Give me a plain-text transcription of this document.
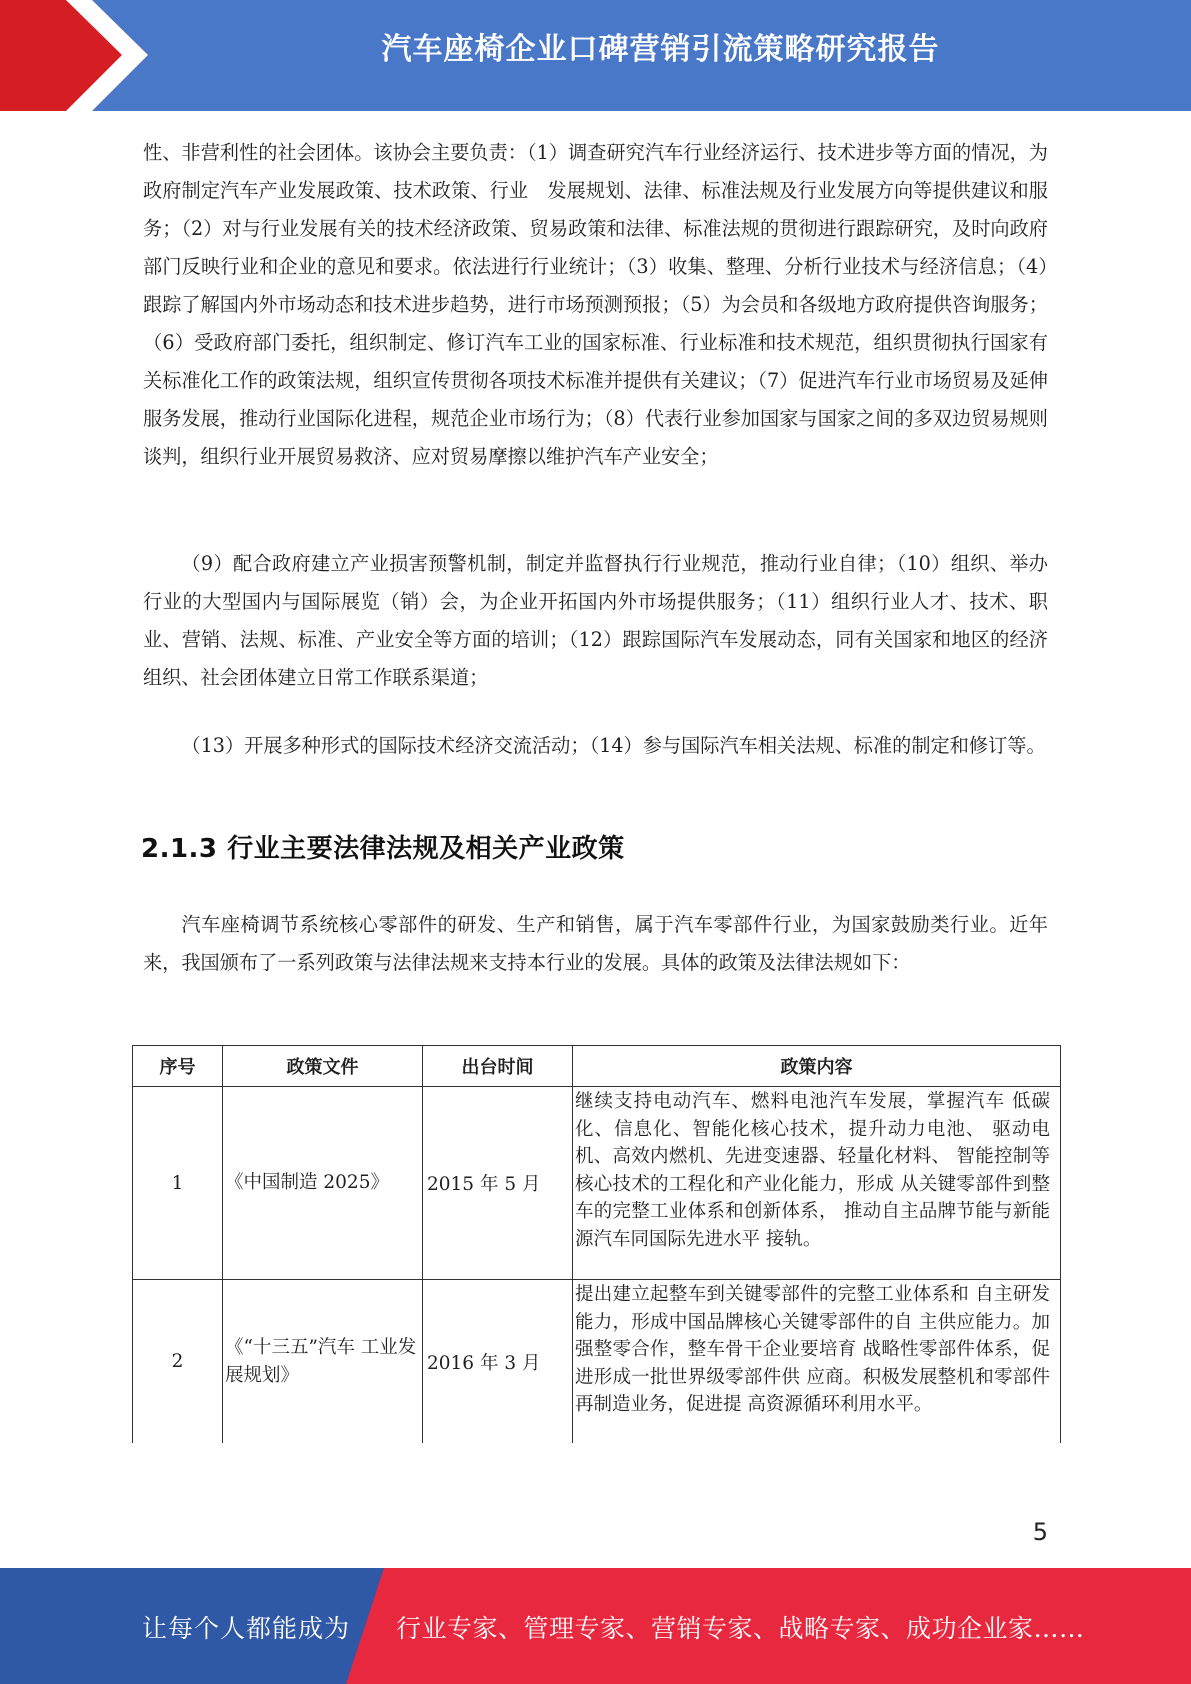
汽车座椅企业口碑营销引流策略研究报告

性、非营利性的社会团体。该协会主要负责：（1）调查研究汽车行业经济运行、技术进步等方面的情况，为政府制定汽车产业发展政策、技术政策、行业　发展规划、法律、标准法规及行业发展方向等提供建议和服务；（2）对与行业发展有关的技术经济政策、贸易政策和法律、标准法规的贯彻进行跟踪研究，及时向政府部门反映行业和企业的意见和要求。依法进行行业统计；（3）收集、整理、分析行业技术与经济信息；（4）跟踪了解国内外市场动态和技术进步趋势，进行市场预测预报；（5）为会员和各级地方政府提供咨询服务；（6）受政府部门委托，组织制定、修订汽车工业的国家标准、行业标准和技术规范，组织贯彻执行国家有关标准化工作的政策法规，组织宣传贯彻各项技术标准并提供有关建议；（7）促进汽车行业市场贸易及延伸服务发展，推动行业国际化进程，规范企业市场行为；（8）代表行业参加国家与国家之间的多双边贸易规则谈判，组织行业开展贸易救济、应对贸易摩擦以维护汽车产业安全；

（9）配合政府建立产业损害预警机制，制定并监督执行行业规范，推动行业自律；（10）组织、举办行业的大型国内与国际展览（销）会，为企业开拓国内外市场提供服务；（11）组织行业人才、技术、职业、营销、法规、标准、产业安全等方面的培训；（12）跟踪国际汽车发展动态，同有关国家和地区的经济组织、社会团体建立日常工作联系渠道；

（13）开展多种形式的国际技术经济交流活动；（14）参与国际汽车相关法规、标准的制定和修订等。

2.1.3 行业主要法律法规及相关产业政策

汽车座椅调节系统核心零部件的研发、生产和销售，属于汽车零部件行业，为国家鼓励类行业。近年来，我国颁布了一系列政策与法律法规来支持本行业的发展。具体的政策及法律法规如下：

序号	政策文件	出台时间	政策内容
1	《中国制造 2025》	2015 年 5 月	继续支持电动汽车、燃料电池汽车发展，掌握汽车 低碳化、信息化、智能化核心技术，提升动力电池、 驱动电机、高效内燃机、先进变速器、轻量化材料、 智能控制等核心技术的工程化和产业化能力，形成 从关键零部件到整车的完整工业体系和创新体系， 推动自主品牌节能与新能源汽车同国际先进水平 接轨。
2	《“十三五”汽车 工业发展规划》	2016 年 3 月	提出建立起整车到关键零部件的完整工业体系和 自主研发能力，形成中国品牌核心关键零部件的自 主供应能力。加强整零合作，整车骨干企业要培育 战略性零部件体系，促进形成一批世界级零部件供 应商。积极发展整机和零部件再制造业务，促进提 高资源循环利用水平。
5
让每个人都能成为 行业专家、管理专家、营销专家、战略专家、成功企业家……
